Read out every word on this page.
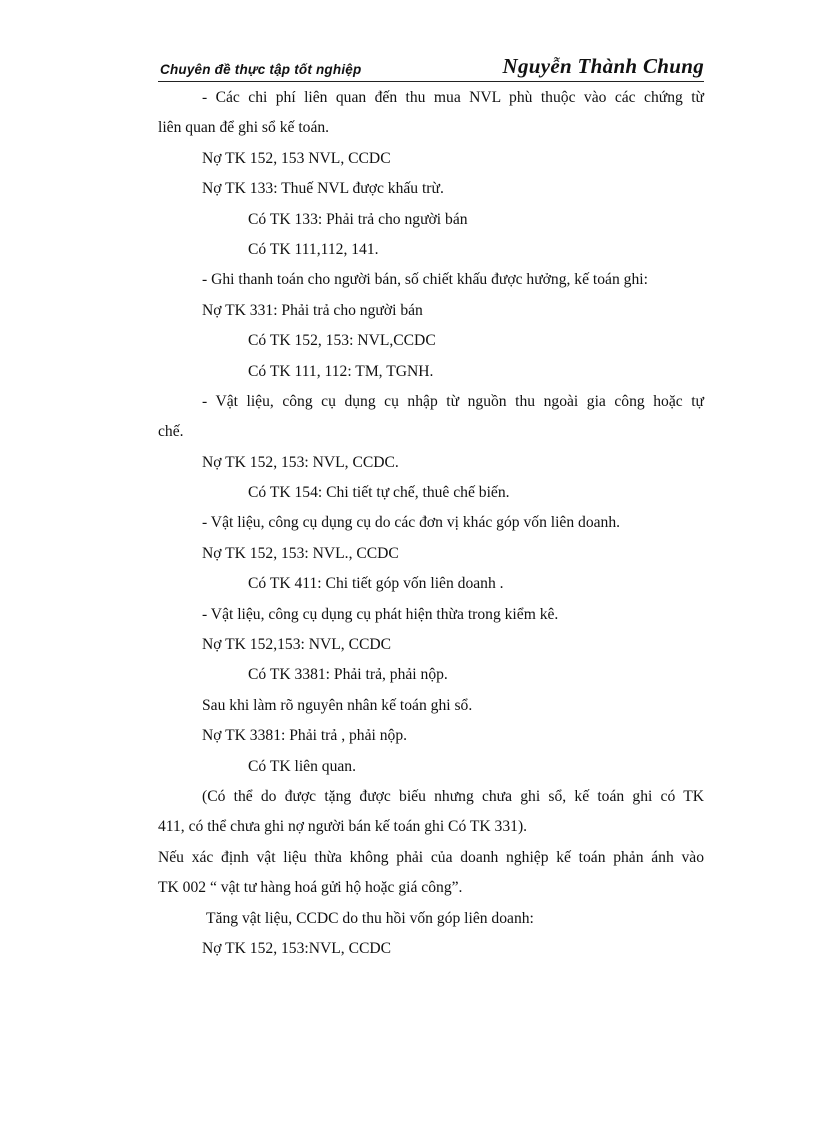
Chuyên đề thực tập tốt nghiệp	Nguyễn Thành Chung
- Các chi phí liên quan đến thu mua NVL phù thuộc vào các chứng từ
liên quan để ghi sổ kế toán.
Nợ TK 152, 153 NVL, CCDC
Nợ TK 133: Thuế NVL được khấu trừ.
Có TK 133: Phải trả cho người bán
Có TK 111,112, 141.
- Ghi thanh toán cho người bán, số chiết khấu được hưởng, kế toán ghi:
Nợ TK 331: Phải trả cho người bán
Có TK 152, 153: NVL,CCDC
Có TK 111, 112: TM, TGNH.
- Vật liệu, công cụ dụng cụ nhập từ nguồn thu ngoài gia công hoặc tự
chế.
Nợ TK 152, 153: NVL, CCDC.
Có TK 154: Chi tiết tự chế, thuê chế biến.
- Vật liệu, công cụ dụng cụ do các đơn vị khác góp vốn liên doanh.
Nợ TK 152, 153: NVL., CCDC
Có TK 411: Chi tiết góp vốn liên doanh .
- Vật liệu, công cụ dụng cụ phát hiện thừa trong kiểm kê.
Nợ TK 152,153: NVL, CCDC
Có TK 3381: Phải trả, phải nộp.
Sau khi làm rõ nguyên nhân kế toán ghi sổ.
Nợ TK 3381: Phải trả , phải nộp.
Có TK liên quan.
(Có thể do được tặng được biếu nhưng chưa ghi sổ, kế toán ghi có TK
411, có thể chưa ghi nợ người bán kế toán ghi Có TK 331).
Nếu xác định vật liệu thừa không phải của doanh nghiệp kế toán phản ánh vào
TK 002 “ vật tư hàng hoá gửi hộ hoặc giá công”.
Tăng vật liệu, CCDC do thu hồi vốn góp liên doanh:
Nợ TK 152, 153:NVL, CCDC
